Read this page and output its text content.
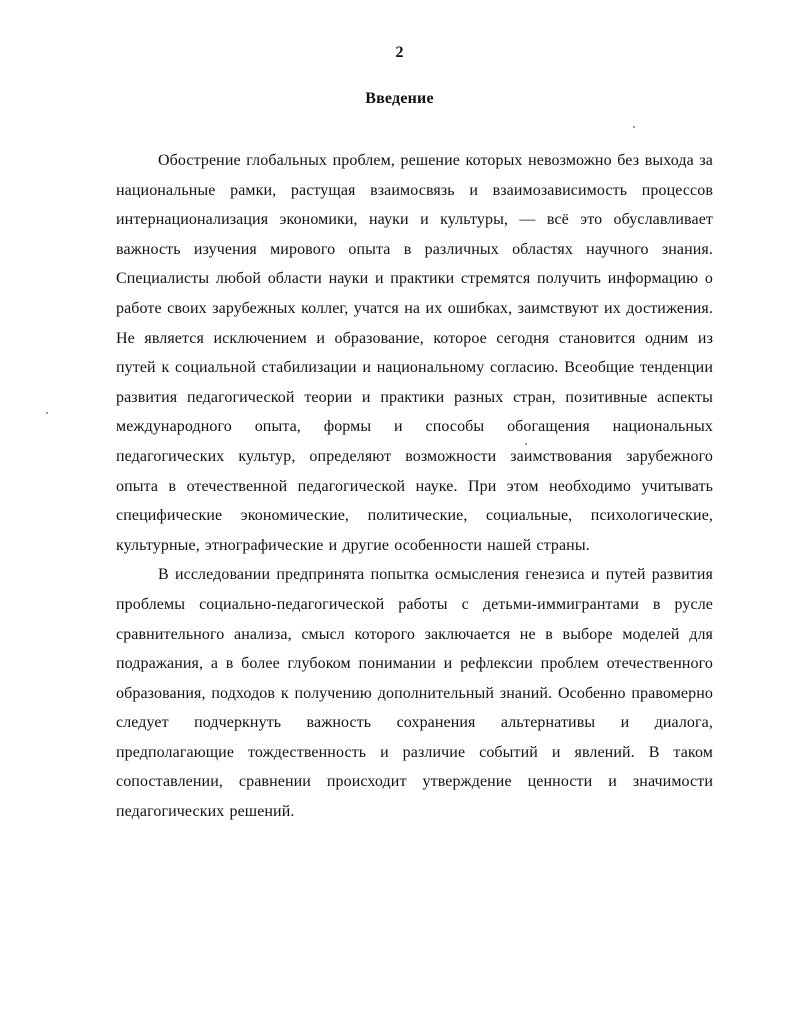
2
Введение

Обострение глобальных проблем, решение которых невозможно без выхода за национальные рамки, растущая взаимосвязь и взаимозависимость процессов интернационализация экономики, науки и культуры, — всё это обуславливает важность изучения мирового опыта в различных областях научного знания. Специалисты любой области науки и практики стремятся получить информацию о работе своих зарубежных коллег, учатся на их ошибках, заимствуют их достижения. Не является исключением и образование, которое сегодня становится одним из путей к социальной стабилизации и национальному согласию. Всеобщие тенденции развития педагогической теории и практики разных стран, позитивные аспекты международного опыта, формы и способы обогащения национальных педагогических культур, определяют возможности заимствования зарубежного опыта в отечественной педагогической науке. При этом необходимо учитывать специфические экономические, политические, социальные, психологические, культурные, этнографические и другие особенности нашей страны.

В исследовании предпринята попытка осмысления генезиса и путей развития проблемы социально-педагогической работы с детьми-иммигрантами в русле сравнительного анализа, смысл которого заключается не в выборе моделей для подражания, а в более глубоком понимании и рефлексии проблем отечественного образования, подходов к получению дополнительный знаний. Особенно правомерно следует подчеркнуть важность сохранения альтернативы и диалога, предполагающие тождественность и различие событий и явлений. В таком сопоставлении, сравнении происходит утверждение ценности и значимости педагогических решений.
